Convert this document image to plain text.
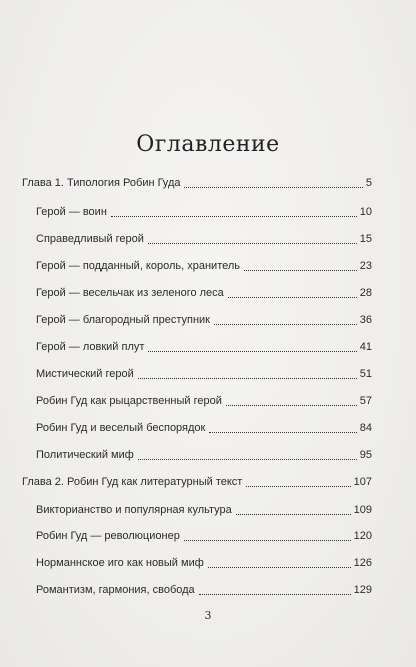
Оглавление
Глава 1. Типология Робин Гуда	5
Герой — воин	10
Справедливый герой	15
Герой — подданный, король, хранитель	23
Герой — весельчак из зеленого леса	28
Герой — благородный преступник	36
Герой — ловкий плут	41
Мистический герой	51
Робин Гуд как рыцарственный герой	57
Робин Гуд и веселый беспорядок	84
Политический миф	95
Глава 2. Робин Гуд как литературный текст	107
Викторианство и популярная культура	109
Робин Гуд — революционер	120
Норманнское иго как новый миф	126
Романтизм, гармония, свобода	129
3
